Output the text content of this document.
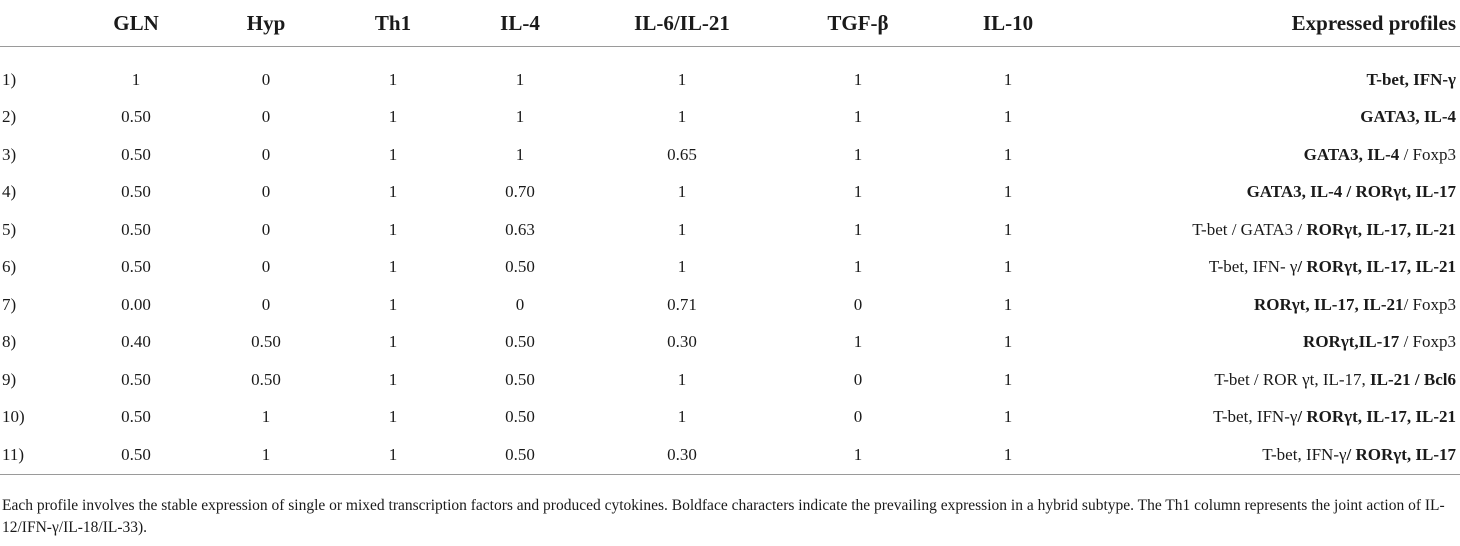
	GLN	Hyp	Th1	IL-4	IL-6/IL-21	TGF-β	IL-10	Expressed profiles
1)	1	0	1	1	1	1	1	T-bet, IFN-γ
2)	0.50	0	1	1	1	1	1	GATA3, IL-4
3)	0.50	0	1	1	0.65	1	1	GATA3, IL-4 / Foxp3
4)	0.50	0	1	0.70	1	1	1	GATA3, IL-4 / RORγt, IL-17
5)	0.50	0	1	0.63	1	1	1	T-bet / GATA3 / RORγt, IL-17, IL-21
6)	0.50	0	1	0.50	1	1	1	T-bet, IFN- γ/ RORγt, IL-17, IL-21
7)	0.00	0	1	0	0.71	0	1	RORγt, IL-17, IL-21/ Foxp3
8)	0.40	0.50	1	0.50	0.30	1	1	RORγt,IL-17 / Foxp3
9)	0.50	0.50	1	0.50	1	0	1	T-bet / ROR γt, IL-17, IL-21 / Bcl6
10)	0.50	1	1	0.50	1	0	1	T-bet, IFN-γ/ RORγt, IL-17, IL-21
11)	0.50	1	1	0.50	0.30	1	1	T-bet, IFN-γ/ RORγt, IL-17
Each profile involves the stable expression of single or mixed transcription factors and produced cytokines. Boldface characters indicate the prevailing expression in a hybrid subtype. The Th1 column represents the joint action of IL-12/IFN-γ/IL-18/IL-33).
